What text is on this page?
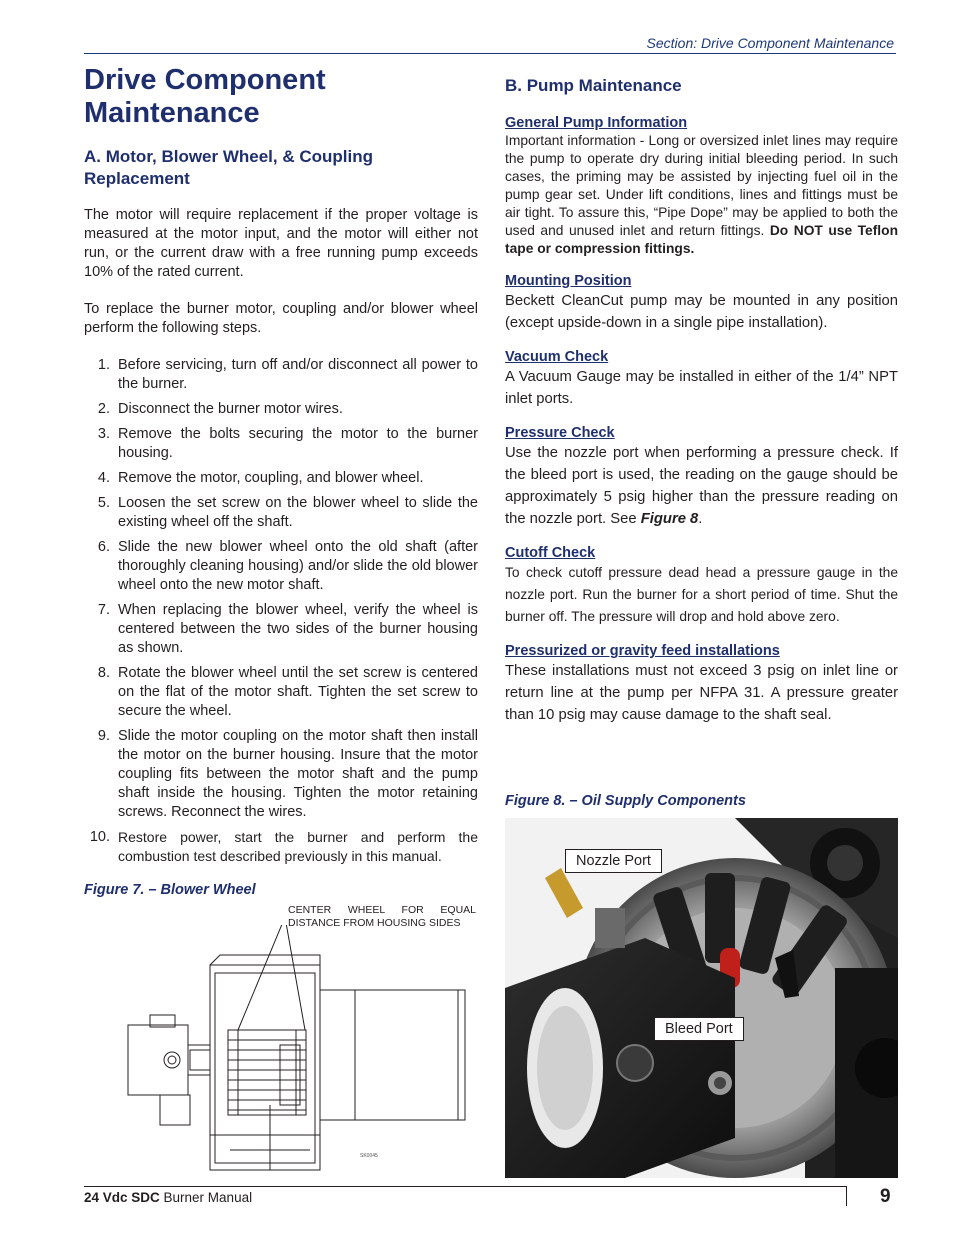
Section: Drive Component Maintenance
Drive Component Maintenance
A. Motor, Blower Wheel, & Coupling Replacement

The motor will require replacement if the proper voltage is measured at the motor input, and the motor will either not run, or the current draw with a free running pump exceeds 10% of the rated current.

To replace the burner motor, coupling and/or blower wheel perform the following steps.

1. Before servicing, turn off and/or disconnect all power to the burner.
2. Disconnect the burner motor wires.
3. Remove the bolts securing the motor to the burner housing.
4. Remove the motor, coupling, and blower wheel.
5. Loosen the set screw on the blower wheel to slide the existing wheel off the shaft.
6. Slide the new blower wheel onto the old shaft (after thoroughly cleaning housing) and/or slide the old blower wheel onto the new motor shaft.
7. When replacing the blower wheel, verify the wheel is centered between the two sides of the burner housing as shown.
8. Rotate the blower wheel until the set screw is centered on the flat of the motor shaft. Tighten the set screw to secure the wheel.
9. Slide the motor coupling on the motor shaft then install the motor on the burner housing. Insure that the motor coupling fits between the motor shaft and the pump shaft inside the housing. Tighten the motor retaining screws. Reconnect the wires.
10. Restore power, start the burner and perform the combustion test described previously in this manual.
Figure 7. – Blower Wheel
CENTER WHEEL FOR EQUAL DISTANCE FROM HOUSING SIDES
SK0045
B. Pump Maintenance
General Pump Information

Important information - Long or oversized inlet lines may require the pump to operate dry during initial bleeding period. In such cases, the priming may be assisted by injecting fuel oil in the pump gear set. Under lift conditions, lines and fittings must be air tight. To assure this, “Pipe Dope” may be applied to both the used and unused inlet and return fittings. Do NOT use Teflon tape or compression fittings.

Mounting Position

Beckett CleanCut pump may be mounted in any position (except upside-down in a single pipe installation).

Vacuum Check

A Vacuum Gauge may be installed in either of the 1/4” NPT inlet ports.

Pressure Check

Use the nozzle port when performing a pressure check. If the bleed port is used, the reading on the gauge should be approximately 5 psig higher than the pressure reading on the nozzle port. See Figure 8.

Cutoff Check

To check cutoff pressure dead head a pressure gauge in the nozzle port. Run the burner for a short period of time. Shut the burner off. The pressure will drop and hold above zero.

Pressurized or gravity feed installations

These installations must not exceed 3 psig on inlet line or return line at the pump per NFPA 31. A pressure greater than 10 psig may cause damage to the shaft seal.

Figure 8. – Oil Supply Components
Nozzle Port
Bleed Port
24 Vdc SDC Burner Manual	9
